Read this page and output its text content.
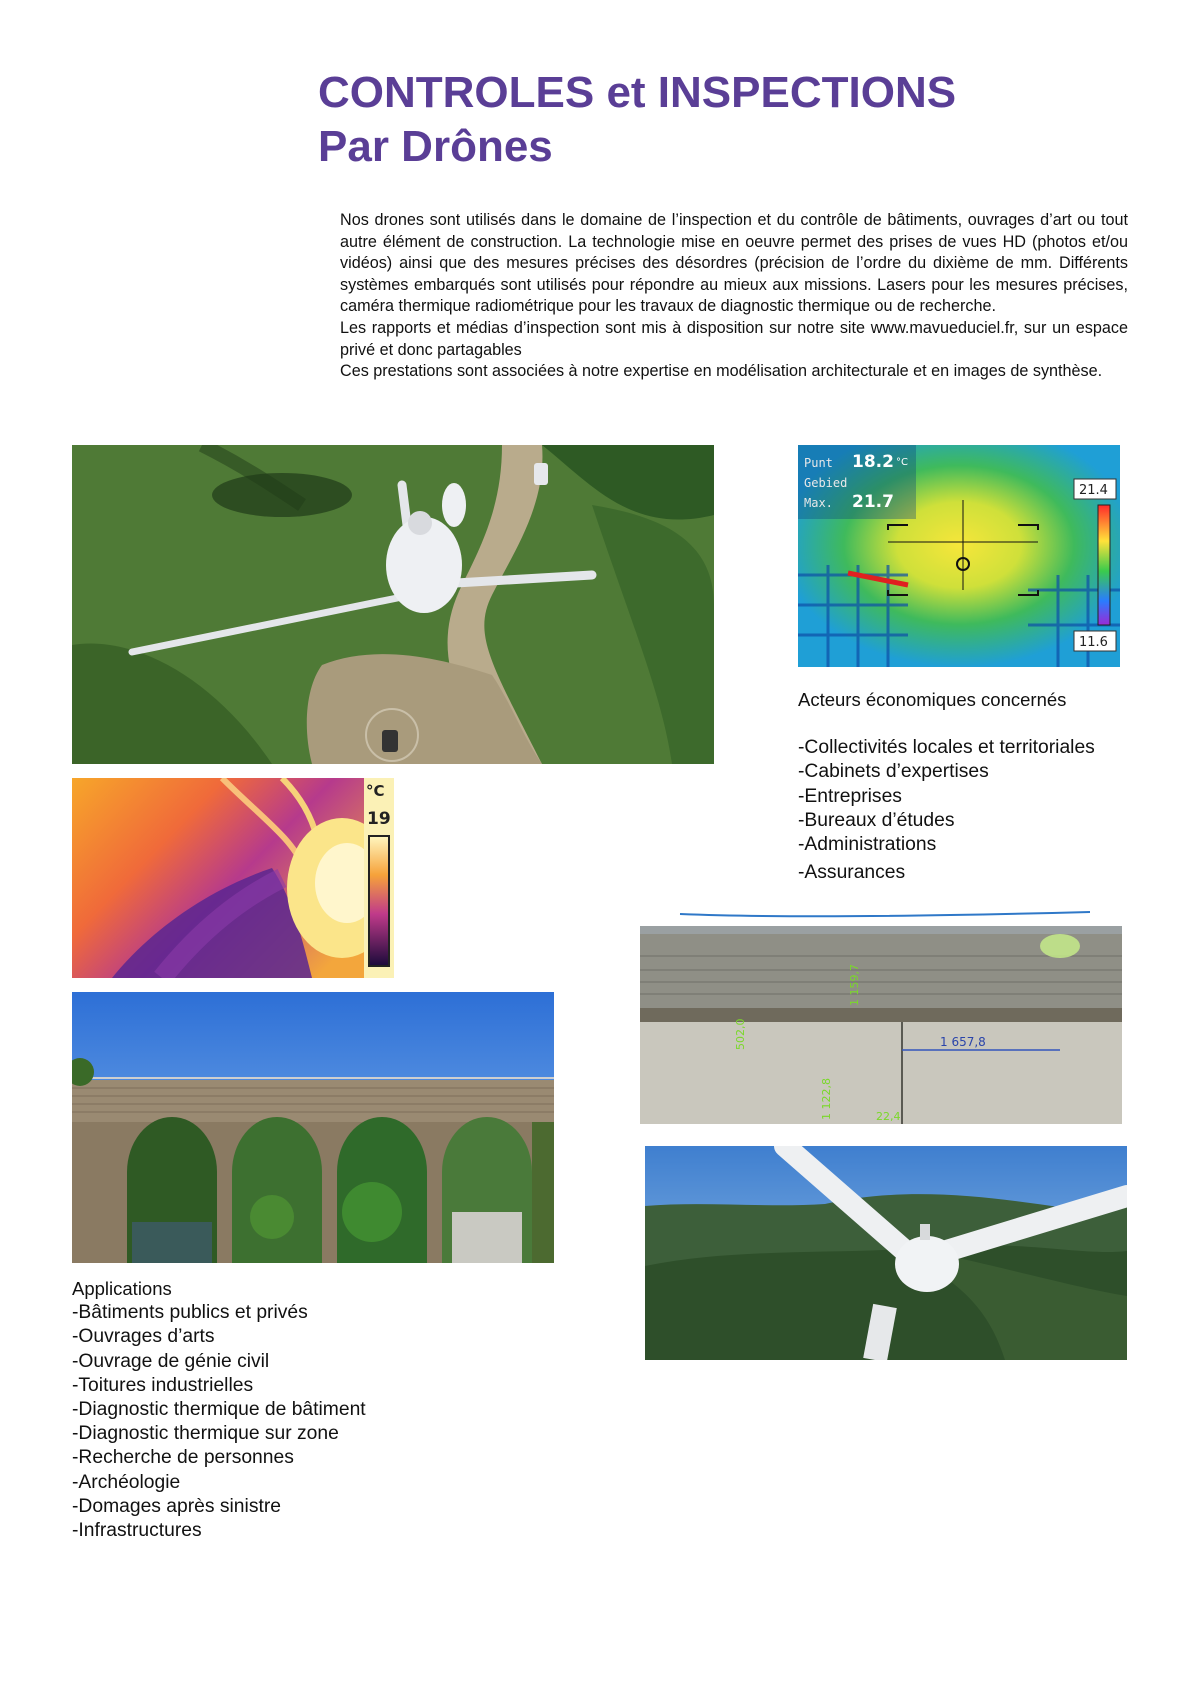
CONTROLES et INSPECTIONS
Par Drônes

Nos drones sont utilisés dans le domaine de l’inspection et du contrôle de bâtiments, ouvrages d’art ou tout autre élément de construction. La technologie mise en oeuvre permet des prises de vues HD (photos et/ou vidéos) ainsi que des mesures précises des désordres (précision de l’ordre du dixième de mm. Différents systèmes embarqués sont utilisés pour répondre au mieux aux missions. Lasers pour les mesures précises, caméra thermique radiométrique pour les travaux de diagnostic thermique ou de recherche.

Les rapports et médias d’inspection sont mis à disposition sur notre site www.mavueduciel.fr, sur un espace privé et donc partagables

Ces prestations sont associées à notre expertise en modélisation architecturale et en images de synthèse.

Punt 18.2 °C
Gebied
Max. 21.7
21.4
11.6
Acteurs économiques concernés
-Collectivités locales et territoriales
-Cabinets d’expertises
-Entreprises
-Bureaux d’études
-Administrations
-Assurances
°C
19
1 657,8
1 159,7
502,0
1 122,8	22,4
Applications
-Bâtiments publics et privés
-Ouvrages d’arts
-Ouvrage de génie civil
-Toitures industrielles
-Diagnostic thermique de bâtiment
-Diagnostic thermique sur zone
-Recherche de personnes
-Archéologie
-Domages après sinistre
-Infrastructures
